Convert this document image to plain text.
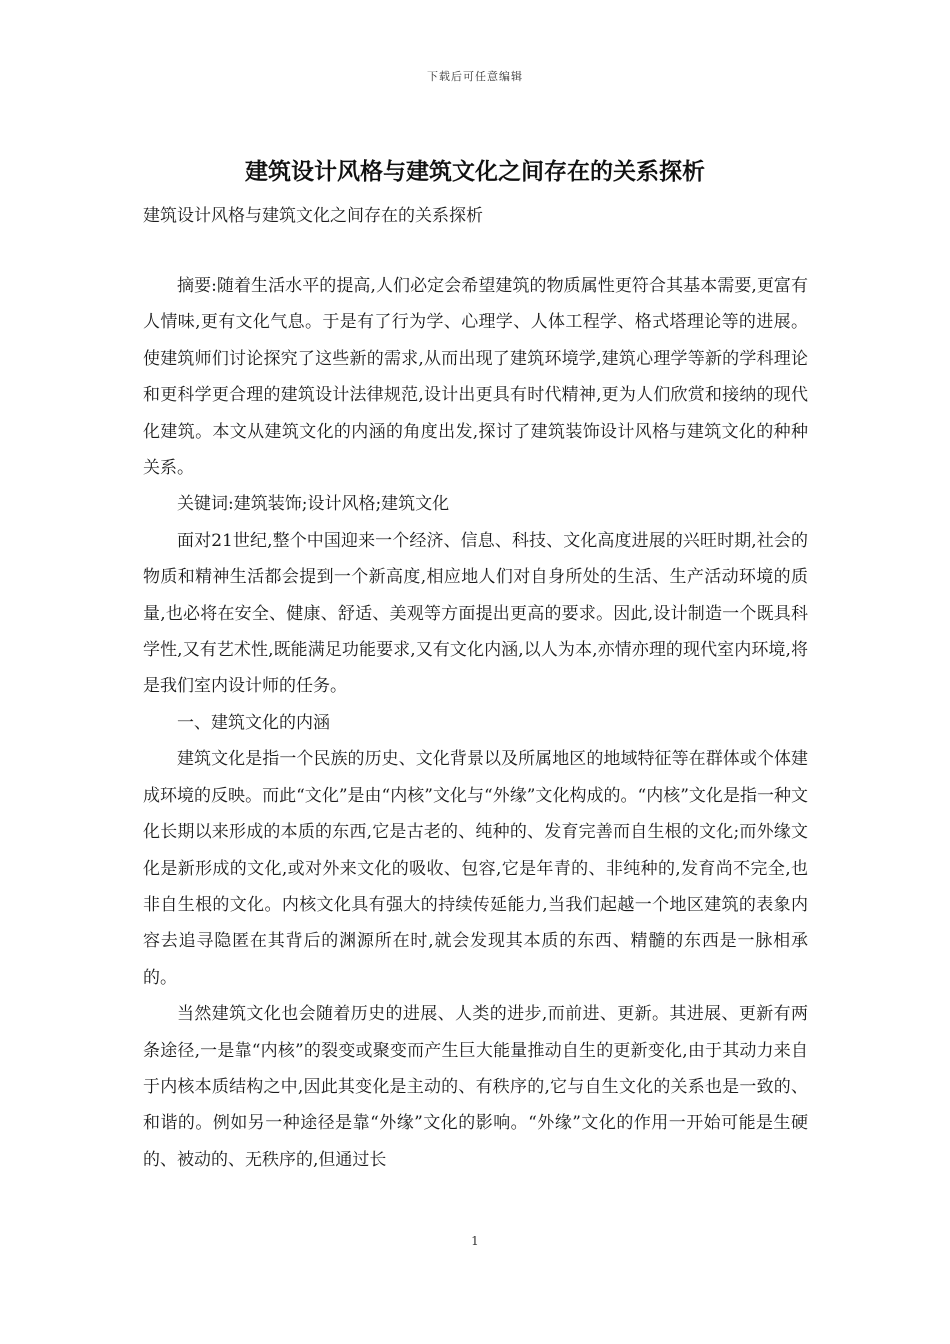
下载后可任意编辑
建筑设计风格与建筑文化之间存在的关系探析
建筑设计风格与建筑文化之间存在的关系探析

摘要:随着生活水平的提高,人们必定会希望建筑的物质属性更符合其基本需要,更富有人情味,更有文化气息。于是有了行为学、心理学、人体工程学、格式塔理论等的进展。使建筑师们讨论探究了这些新的需求,从而出现了建筑环境学,建筑心理学等新的学科理论和更科学更合理的建筑设计法律规范,设计出更具有时代精神,更为人们欣赏和接纳的现代化建筑。本文从建筑文化的内涵的角度出发,探讨了建筑装饰设计风格与建筑文化的种种关系。

关键词:建筑装饰;设计风格;建筑文化

面对21世纪,整个中国迎来一个经济、信息、科技、文化高度进展的兴旺时期,社会的物质和精神生活都会提到一个新高度,相应地人们对自身所处的生活、生产活动环境的质量,也必将在安全、健康、舒适、美观等方面提出更高的要求。因此,设计制造一个既具科学性,又有艺术性,既能满足功能要求,又有文化内涵,以人为本,亦情亦理的现代室内环境,将是我们室内设计师的任务。

一、建筑文化的内涵

建筑文化是指一个民族的历史、文化背景以及所属地区的地域特征等在群体或个体建成环境的反映。而此“文化”是由“内核”文化与“外缘”文化构成的。“内核”文化是指一种文化长期以来形成的本质的东西,它是古老的、纯种的、发育完善而自生根的文化;而外缘文化是新形成的文化,或对外来文化的吸收、包容,它是年青的、非纯种的,发育尚不完全,也非自生根的文化。内核文化具有强大的持续传延能力,当我们起越一个地区建筑的表象内容去追寻隐匿在其背后的渊源所在时,就会发现其本质的东西、精髓的东西是一脉相承的。

当然建筑文化也会随着历史的进展、人类的进步,而前进、更新。其进展、更新有两条途径,一是靠“内核”的裂变或聚变而产生巨大能量推动自生的更新变化,由于其动力来自于内核本质结构之中,因此其变化是主动的、有秩序的,它与自生文化的关系也是一致的、和谐的。例如另一种途径是靠“外缘”文化的影响。“外缘”文化的作用一开始可能是生硬的、被动的、无秩序的,但通过长

1
